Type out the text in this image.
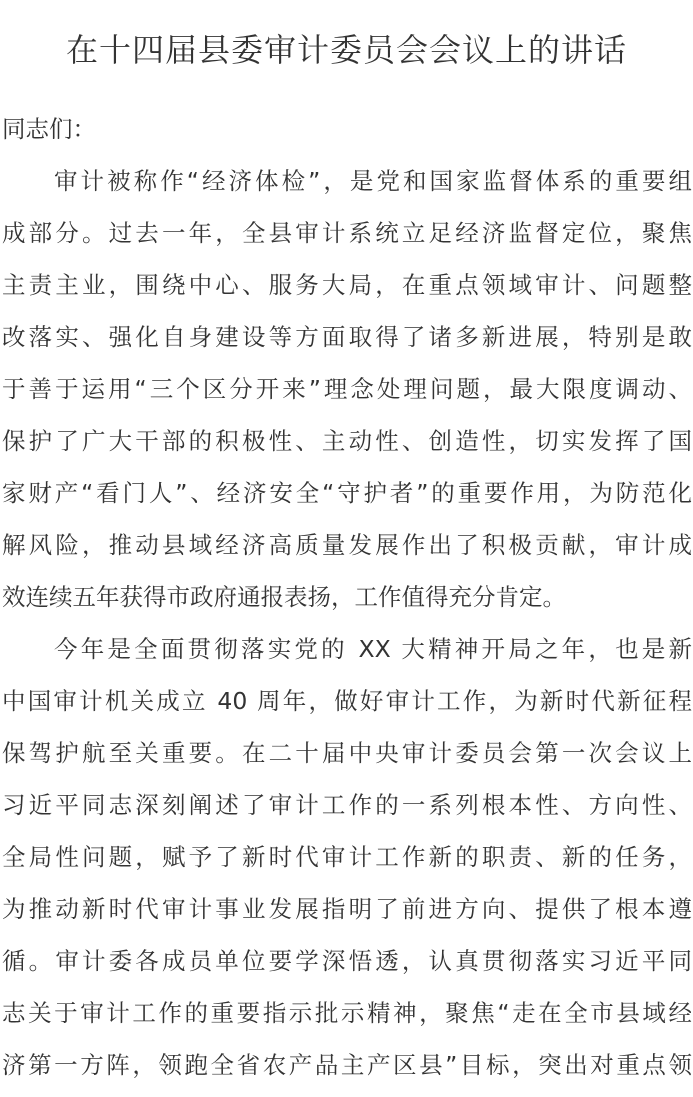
在十四届县委审计委员会会议上的讲话
同志们：
审计被称作“经济体检”，是党和国家监督体系的重要组
成部分。过去一年，全县审计系统立足经济监督定位，聚焦
主责主业，围绕中心、服务大局，在重点领域审计、问题整
改落实、强化自身建设等方面取得了诸多新进展，特别是敢
于善于运用“三个区分开来”理念处理问题，最大限度调动、
保护了广大干部的积极性、主动性、创造性，切实发挥了国
家财产“看门人”、经济安全“守护者”的重要作用，为防范化
解风险，推动县域经济高质量发展作出了积极贡献，审计成
效连续五年获得市政府通报表扬，工作值得充分肯定。
今年是全面贯彻落实党的 XX 大精神开局之年，也是新
中国审计机关成立 40 周年，做好审计工作，为新时代新征程
保驾护航至关重要。在二十届中央审计委员会第一次会议上
习近平同志深刻阐述了审计工作的一系列根本性、方向性、
全局性问题，赋予了新时代审计工作新的职责、新的任务，
为推动新时代审计事业发展指明了前进方向、提供了根本遵
循。审计委各成员单位要学深悟透，认真贯彻落实习近平同
志关于审计工作的重要指示批示精神，聚焦“走在全市县域经
济第一方阵，领跑全省农产品主产区县”目标，突出对重点领
